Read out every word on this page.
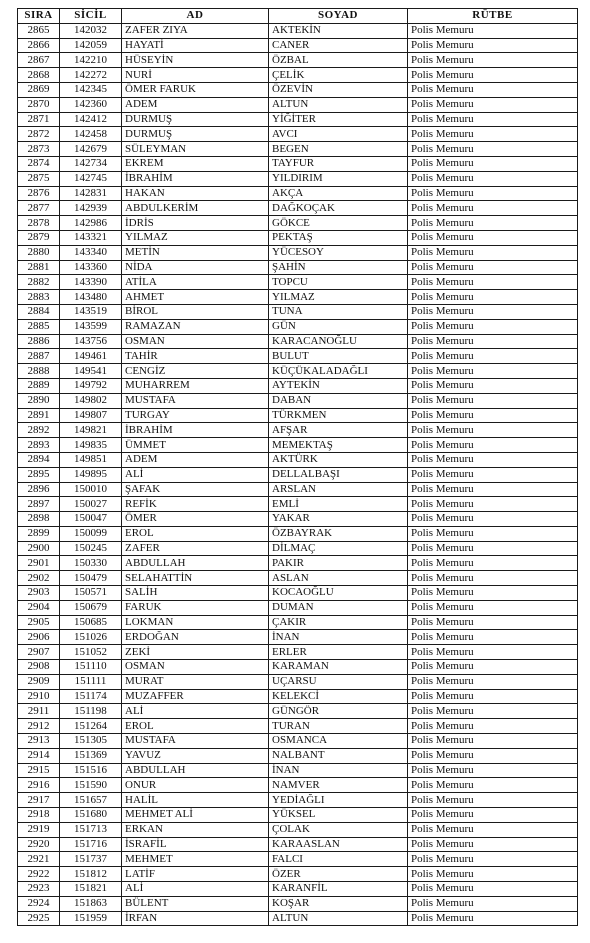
SIRA	SİCİL	AD	SOYAD	RÜTBE
2865	142032	ZAFER ZIYA	AKTEKİN	Polis Memuru
2866	142059	HAYATİ	CANER	Polis Memuru
2867	142210	HÜSEYİN	ÖZBAL	Polis Memuru
2868	142272	NURİ	ÇELİK	Polis Memuru
2869	142345	ÖMER FARUK	ÖZEVİN	Polis Memuru
2870	142360	ADEM	ALTUN	Polis Memuru
2871	142412	DURMUŞ	YİĞİTER	Polis Memuru
2872	142458	DURMUŞ	AVCI	Polis Memuru
2873	142679	SÜLEYMAN	BEGEN	Polis Memuru
2874	142734	EKREM	TAYFUR	Polis Memuru
2875	142745	İBRAHİM	YILDIRIM	Polis Memuru
2876	142831	HAKAN	AKÇA	Polis Memuru
2877	142939	ABDULKERİM	DAĞKOÇAK	Polis Memuru
2878	142986	İDRİS	GÖKCE	Polis Memuru
2879	143321	YILMAZ	PEKTAŞ	Polis Memuru
2880	143340	METİN	YÜCESOY	Polis Memuru
2881	143360	NİDA	ŞAHİN	Polis Memuru
2882	143390	ATİLA	TOPCU	Polis Memuru
2883	143480	AHMET	YILMAZ	Polis Memuru
2884	143519	BİROL	TUNA	Polis Memuru
2885	143599	RAMAZAN	GÜN	Polis Memuru
2886	143756	OSMAN	KARACANOĞLU	Polis Memuru
2887	149461	TAHİR	BULUT	Polis Memuru
2888	149541	CENGİZ	KÜÇÜKALADAĞLI	Polis Memuru
2889	149792	MUHARREM	AYTEKİN	Polis Memuru
2890	149802	MUSTAFA	DABAN	Polis Memuru
2891	149807	TURGAY	TÜRKMEN	Polis Memuru
2892	149821	İBRAHİM	AFŞAR	Polis Memuru
2893	149835	ÜMMET	MEMEKTAŞ	Polis Memuru
2894	149851	ADEM	AKTÜRK	Polis Memuru
2895	149895	ALİ	DELLALBAŞI	Polis Memuru
2896	150010	ŞAFAK	ARSLAN	Polis Memuru
2897	150027	REFİK	EMLİ	Polis Memuru
2898	150047	ÖMER	YAKAR	Polis Memuru
2899	150099	EROL	ÖZBAYRAK	Polis Memuru
2900	150245	ZAFER	DİLMAÇ	Polis Memuru
2901	150330	ABDULLAH	PAKIR	Polis Memuru
2902	150479	SELAHATTİN	ASLAN	Polis Memuru
2903	150571	SALİH	KOCAOĞLU	Polis Memuru
2904	150679	FARUK	DUMAN	Polis Memuru
2905	150685	LOKMAN	ÇAKIR	Polis Memuru
2906	151026	ERDOĞAN	İNAN	Polis Memuru
2907	151052	ZEKİ	ERLER	Polis Memuru
2908	151110	OSMAN	KARAMAN	Polis Memuru
2909	151111	MURAT	UÇARSU	Polis Memuru
2910	151174	MUZAFFER	KELEKCİ	Polis Memuru
2911	151198	ALİ	GÜNGÖR	Polis Memuru
2912	151264	EROL	TURAN	Polis Memuru
2913	151305	MUSTAFA	OSMANCA	Polis Memuru
2914	151369	YAVUZ	NALBANT	Polis Memuru
2915	151516	ABDULLAH	İNAN	Polis Memuru
2916	151590	ONUR	NAMVER	Polis Memuru
2917	151657	HALİL	YEDİAĞLI	Polis Memuru
2918	151680	MEHMET ALİ	YÜKSEL	Polis Memuru
2919	151713	ERKAN	ÇOLAK	Polis Memuru
2920	151716	İSRAFİL	KARAASLAN	Polis Memuru
2921	151737	MEHMET	FALCI	Polis Memuru
2922	151812	LATİF	ÖZER	Polis Memuru
2923	151821	ALİ	KARANFİL	Polis Memuru
2924	151863	BÜLENT	KOŞAR	Polis Memuru
2925	151959	İRFAN	ALTUN	Polis Memuru
